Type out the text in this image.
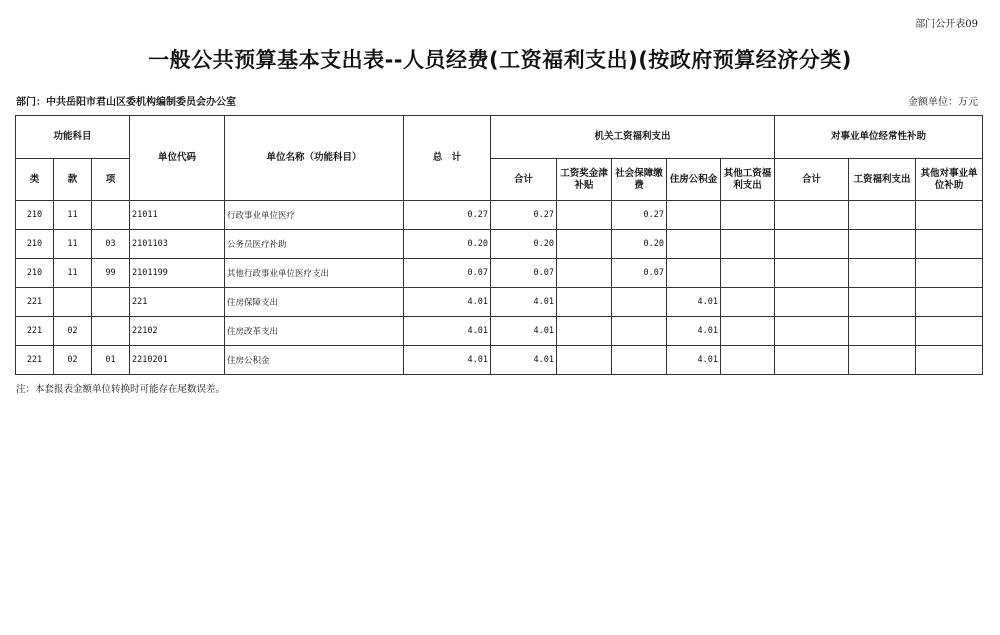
部门公开表09
一般公共预算基本支出表--人员经费(工资福利支出)(按政府预算经济分类)
部门：中共岳阳市君山区委机构编制委员会办公室	金额单位：万元
功能科目			单位代码	单位名称（功能科目）	总　计	机关工资福利支出					对事业单位经常性补助		
类	款	项				合计	工资奖金津补贴	社会保障缴费	住房公积金	其他工资福利支出	合计	工资福利支出	其他对事业单位补助
210	11		21011	行政事业单位医疗	0.27	0.27		0.27					
210	11	03	2101103	公务员医疗补助	0.20	0.20		0.20					
210	11	99	2101199	其他行政事业单位医疗支出	0.07	0.07		0.07					
221			221	住房保障支出	4.01	4.01			4.01				
221	02		22102	住房改革支出	4.01	4.01			4.01				
221	02	01	2210201	住房公积金	4.01	4.01			4.01				
注：本套报表金额单位转换时可能存在尾数误差。
